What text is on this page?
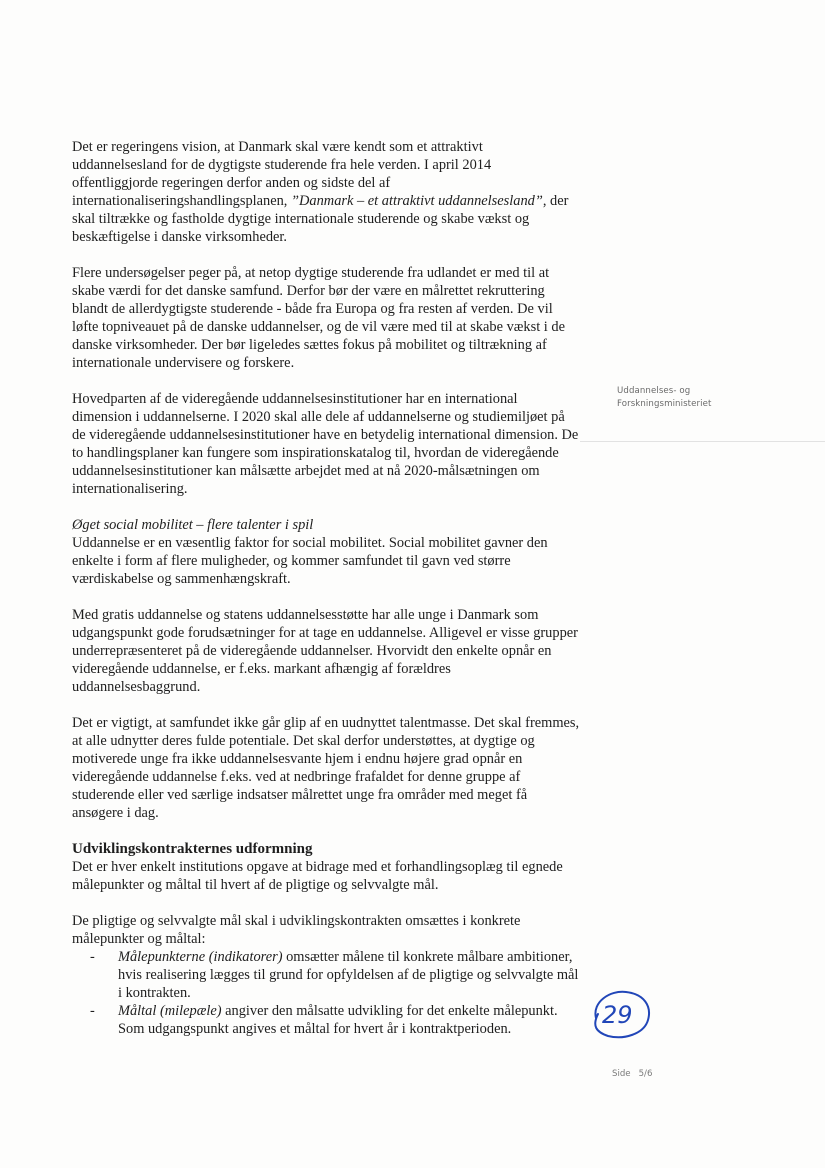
Det er regeringens vision, at Danmark skal være kendt som et attraktivt uddannelsesland for de dygtigste studerende fra hele verden. I april 2014 offentliggjorde regeringen derfor anden og sidste del af internationaliseringshandlingsplanen, ”Danmark – et attraktivt uddannelsesland”, der skal tiltrække og fastholde dygtige internationale studerende og skabe vækst og beskæftigelse i danske virksomheder.

Flere undersøgelser peger på, at netop dygtige studerende fra udlandet er med til at skabe værdi for det danske samfund. Derfor bør der være en målrettet rekruttering blandt de allerdygtigste studerende - både fra Europa og fra resten af verden. De vil løfte topniveauet på de danske uddannelser, og de vil være med til at skabe vækst i de danske virksomheder. Der bør ligeledes sættes fokus på mobilitet og tiltrækning af internationale undervisere og forskere.

Hovedparten af de videregående uddannelsesinstitutioner har en international dimension i uddannelserne. I 2020 skal alle dele af uddannelserne og studiemiljøet på de videregående uddannelsesinstitutioner have en betydelig international dimension. De to handlingsplaner kan fungere som inspirationskatalog til, hvordan de videregående uddannelsesinstitutioner kan målsætte arbejdet med at nå 2020-målsætningen om internationalisering.

Øget social mobilitet – flere talenter i spil

Uddannelse er en væsentlig faktor for social mobilitet. Social mobilitet gavner den enkelte i form af flere muligheder, og kommer samfundet til gavn ved større værdiskabelse og sammenhængskraft.

Med gratis uddannelse og statens uddannelsesstøtte har alle unge i Danmark som udgangspunkt gode forudsætninger for at tage en uddannelse. Alligevel er visse grupper underrepræsenteret på de videregående uddannelser. Hvorvidt den enkelte opnår en videregående uddannelse, er f.eks. markant afhængig af forældres uddannelsesbaggrund.

Det er vigtigt, at samfundet ikke går glip af en uudnyttet talentmasse. Det skal fremmes, at alle udnytter deres fulde potentiale. Det skal derfor understøttes, at dygtige og motiverede unge fra ikke uddannelsesvante hjem i endnu højere grad opnår en videregående uddannelse f.eks. ved at nedbringe frafaldet for denne gruppe af studerende eller ved særlige indsatser målrettet unge fra områder med meget få ansøgere i dag.

Udviklingskontrakternes udformning

Det er hver enkelt institutions opgave at bidrage med et forhandlingsoplæg til egnede målepunkter og måltal til hvert af de pligtige og selvvalgte mål.

De pligtige og selvvalgte mål skal i udviklingskontrakten omsættes i konkrete målepunkter og måltal:

- Målepunkterne (indikatorer) omsætter målene til konkrete målbare ambitioner, hvis realisering lægges til grund for opfyldelsen af de pligtige og selvvalgte mål i kontrakten.
- Måltal (milepæle) angiver den målsatte udvikling for det enkelte målepunkt. Som udgangspunkt angives et måltal for hvert år i kontraktperioden.
Uddannelses- og
Forskningsministeriet
Side 5/6
29
